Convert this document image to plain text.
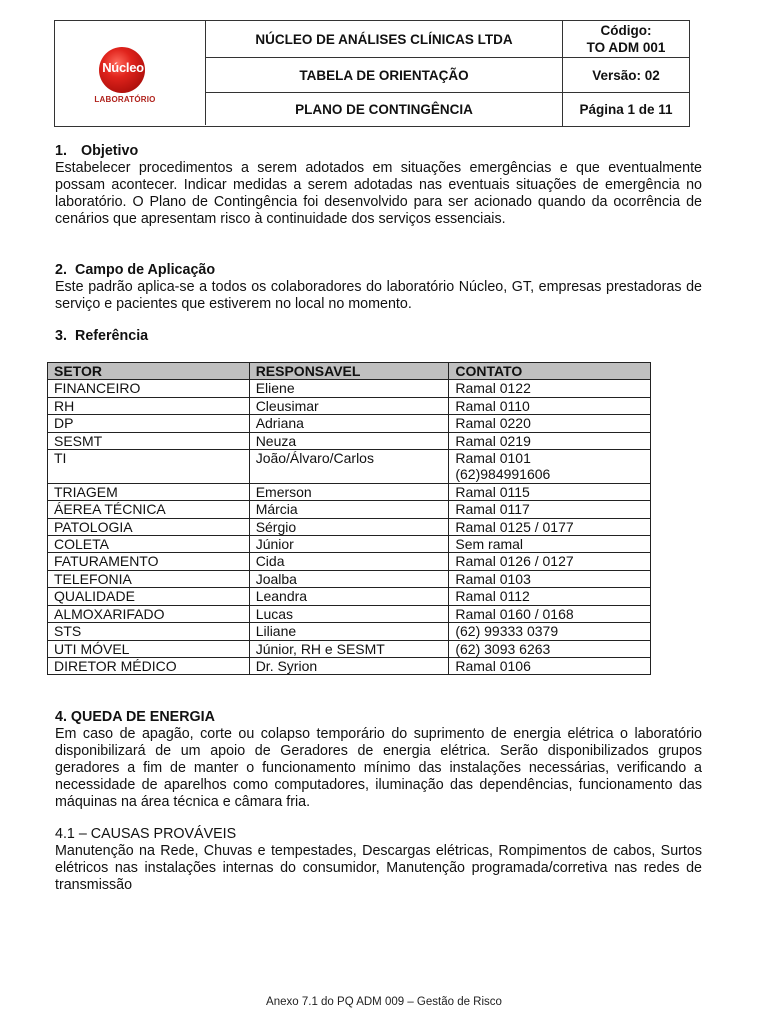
Núcleo
LABORATÓRIO
NÚCLEO DE ANÁLISES CLÍNICAS LTDA
TABELA DE ORIENTAÇÃO
PLANO DE CONTINGÊNCIA
Código:
TO ADM 001
Versão: 02
Página 1 de 11
1. Objetivo
Estabelecer procedimentos a serem adotados em situações emergências e que eventualmente possam acontecer. Indicar medidas a serem adotadas nas eventuais situações de emergência no laboratório. O Plano de Contingência foi desenvolvido para ser acionado quando da ocorrência de cenários que apresentam risco à continuidade dos serviços essenciais.
2. Campo de Aplicação
Este padrão aplica-se a todos os colaboradores do laboratório Núcleo, GT, empresas prestadoras de serviço e pacientes que estiverem no local no momento.
3. Referência
SETOR	RESPONSAVEL	CONTATO
FINANCEIRO	Eliene	Ramal 0122
RH	Cleusimar	Ramal 0110
DP	Adriana	Ramal 0220
SESMT	Neuza	Ramal 0219
TI	João/Álvaro/Carlos	Ramal 0101
(62)984991606

TRIAGEM	Emerson	Ramal 0115
ÁEREA TÉCNICA	Márcia	Ramal 0117
PATOLOGIA	Sérgio	Ramal 0125 / 0177
COLETA	Júnior	Sem ramal
FATURAMENTO	Cida	Ramal 0126 / 0127
TELEFONIA	Joalba	Ramal 0103
QUALIDADE	Leandra	Ramal 0112
ALMOXARIFADO	Lucas	Ramal 0160 / 0168
STS	Liliane	(62) 99333 0379
UTI MÓVEL	Júnior, RH e SESMT	(62) 3093 6263
DIRETOR MÉDICO	Dr. Syrion	Ramal 0106
4. QUEDA DE ENERGIA
Em caso de apagão, corte ou colapso temporário do suprimento de energia elétrica o laboratório disponibilizará de um apoio de Geradores de energia elétrica. Serão disponibilizados grupos geradores a fim de manter o funcionamento mínimo das instalações necessárias, verificando a necessidade de aparelhos como computadores, iluminação das dependências, funcionamento das máquinas na área técnica e câmara fria.
4.1 – CAUSAS PROVÁVEIS
Manutenção na Rede, Chuvas e tempestades, Descargas elétricas, Rompimentos de cabos, Surtos elétricos nas instalações internas do consumidor, Manutenção programada/corretiva nas redes de transmissão
Anexo 7.1 do PQ ADM 009 – Gestão de Risco
